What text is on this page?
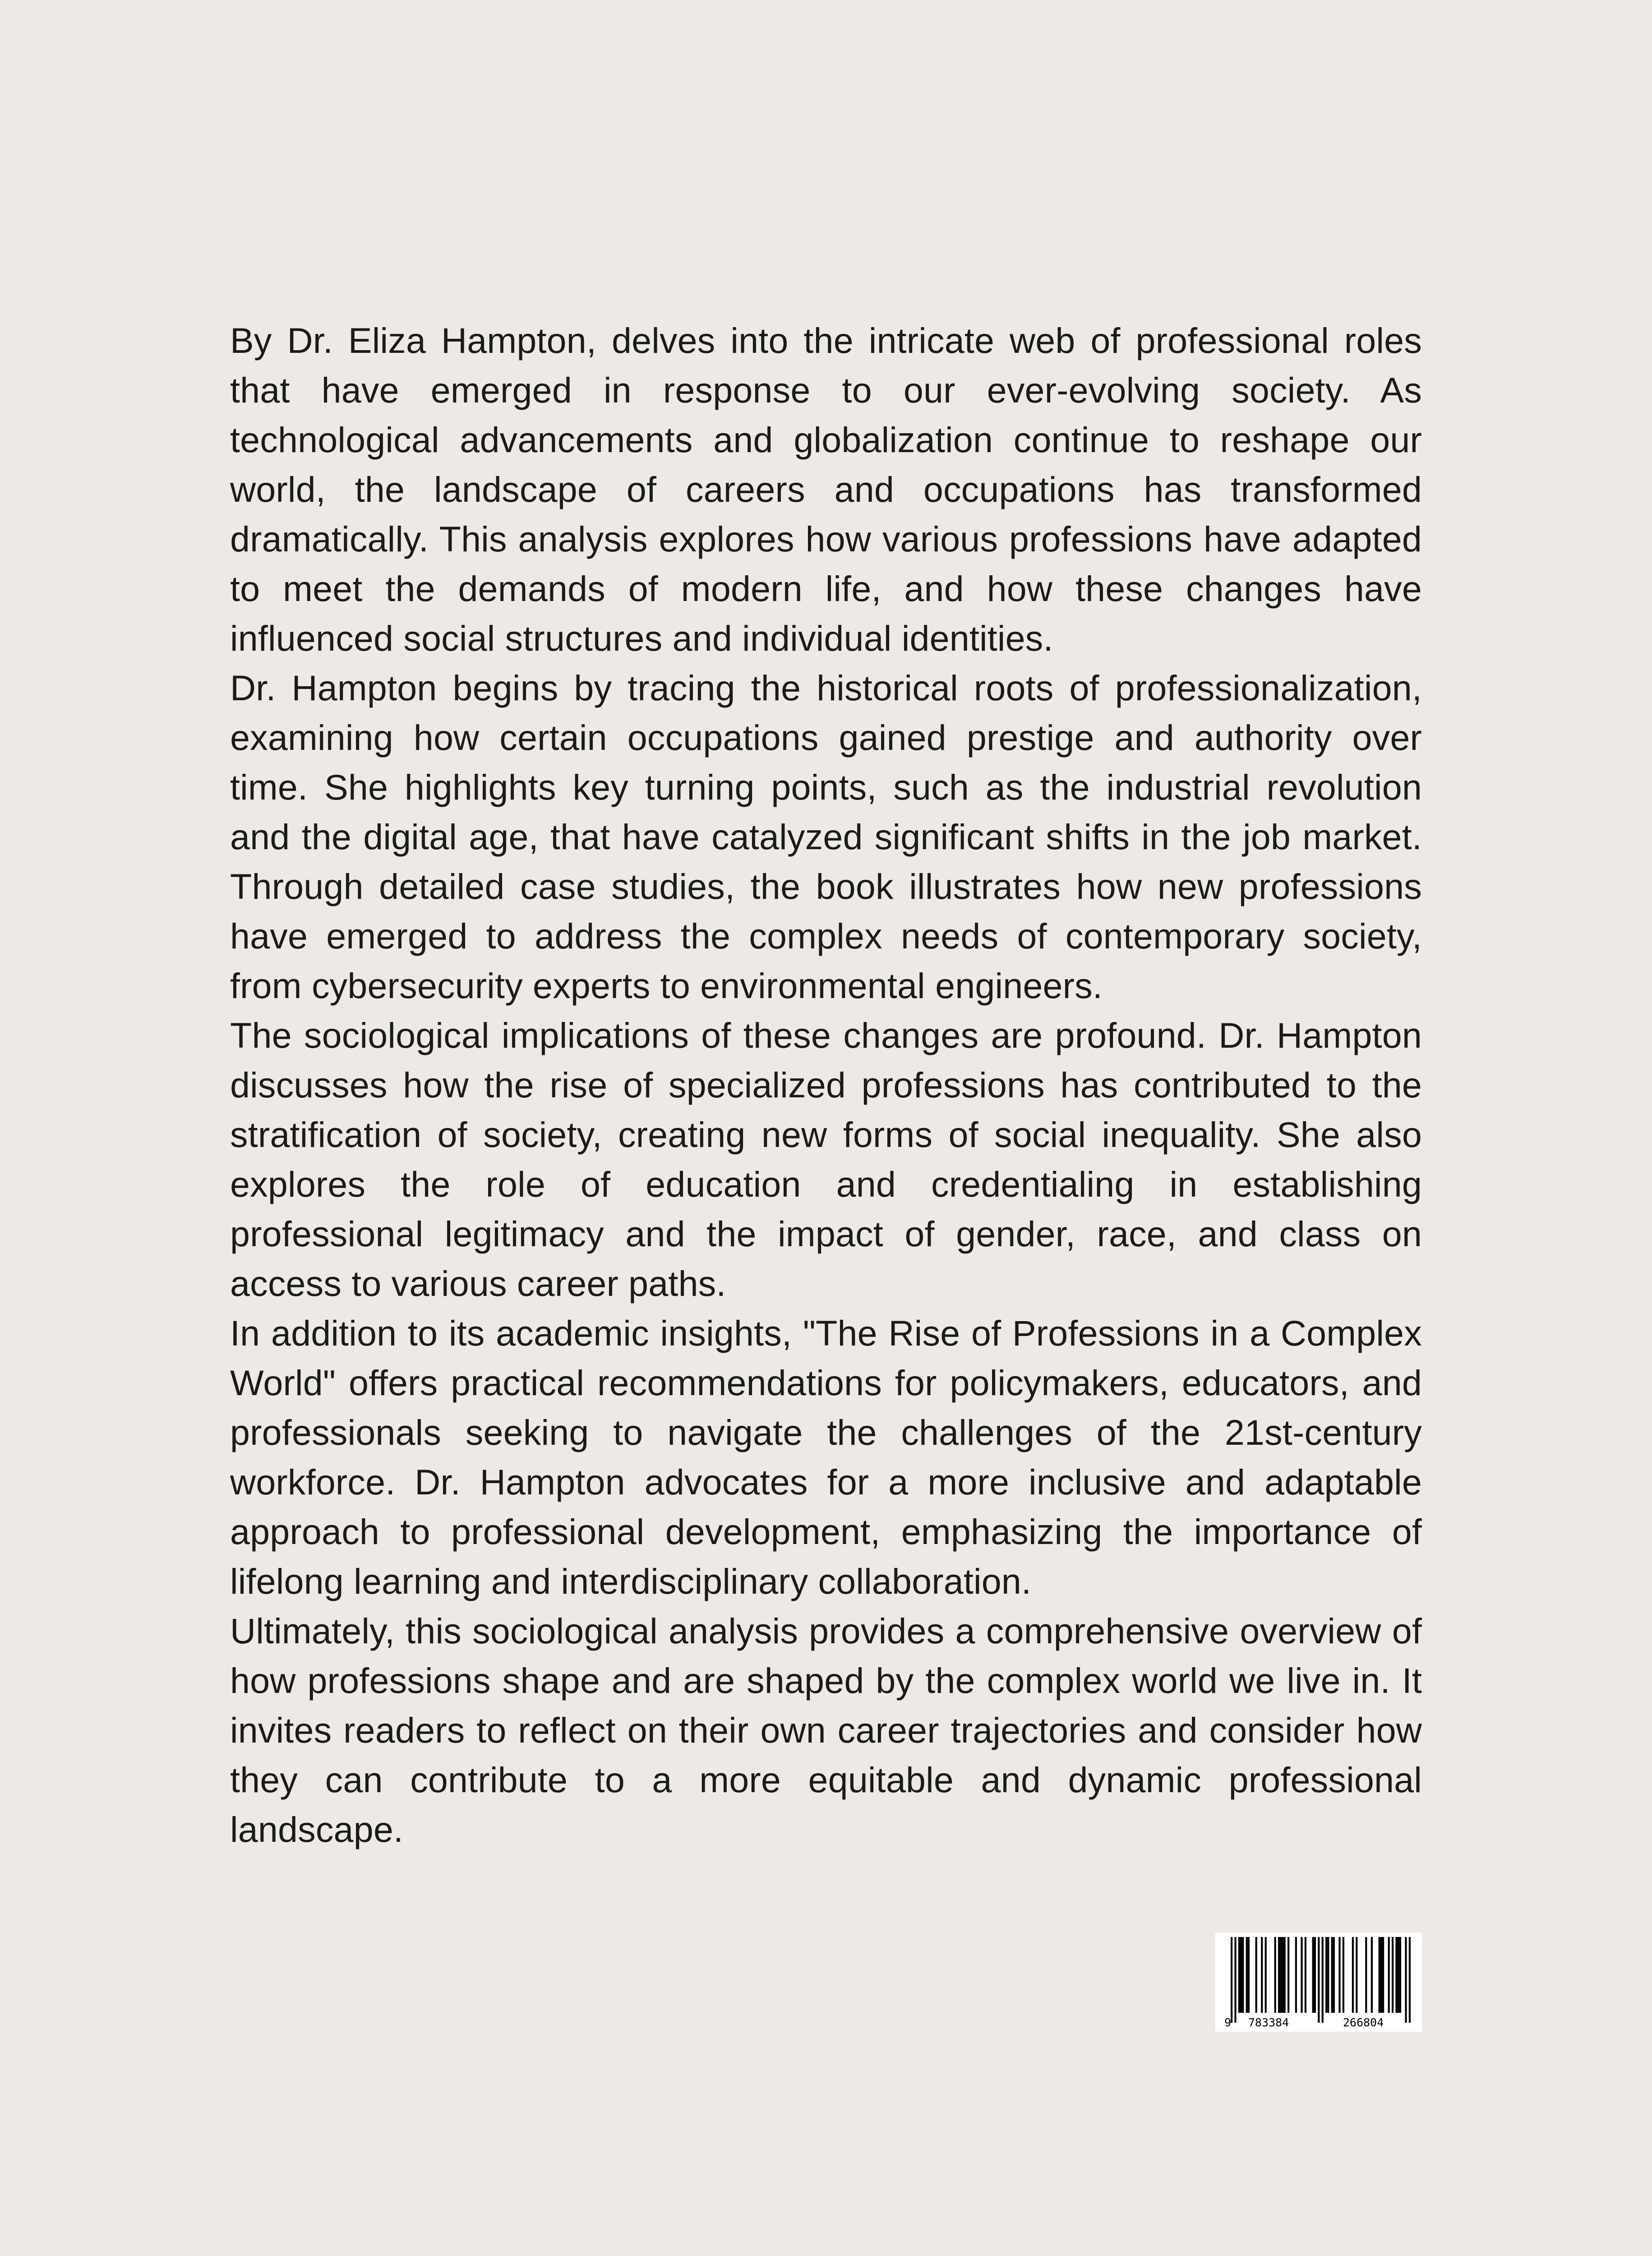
By Dr. Eliza Hampton, delves into the intricate web of professional roles that have emerged in response to our ever-evolving society. As technological advancements and globalization continue to reshape our world, the landscape of careers and occupations has transformed dramatically. This analysis explores how various professions have adapted to meet the demands of modern life, and how these changes have influenced social structures and individual identities.

Dr. Hampton begins by tracing the historical roots of professionalization, examining how certain occupations gained prestige and authority over time. She highlights key turning points, such as the industrial revolution and the digital age, that have catalyzed significant shifts in the job market. Through detailed case studies, the book illustrates how new professions have emerged to address the complex needs of contemporary society, from cybersecurity experts to environmental engineers.

The sociological implications of these changes are profound. Dr. Hampton discusses how the rise of specialized professions has contributed to the stratification of society, creating new forms of social inequality. She also explores the role of education and credentialing in establishing professional legitimacy and the impact of gender, race, and class on access to various career paths.

In addition to its academic insights, "The Rise of Professions in a Complex World" offers practical recommendations for policymakers, educators, and professionals seeking to navigate the challenges of the 21st-century workforce. Dr. Hampton advocates for a more inclusive and adaptable approach to professional development, emphasizing the importance of lifelong learning and interdisciplinary collaboration.

Ultimately, this sociological analysis provides a comprehensive overview of how professions shape and are shaped by the complex world we live in. It invites readers to reflect on their own career trajectories and consider how they can contribute to a more equitable and dynamic professional landscape.

9 783384	266804
